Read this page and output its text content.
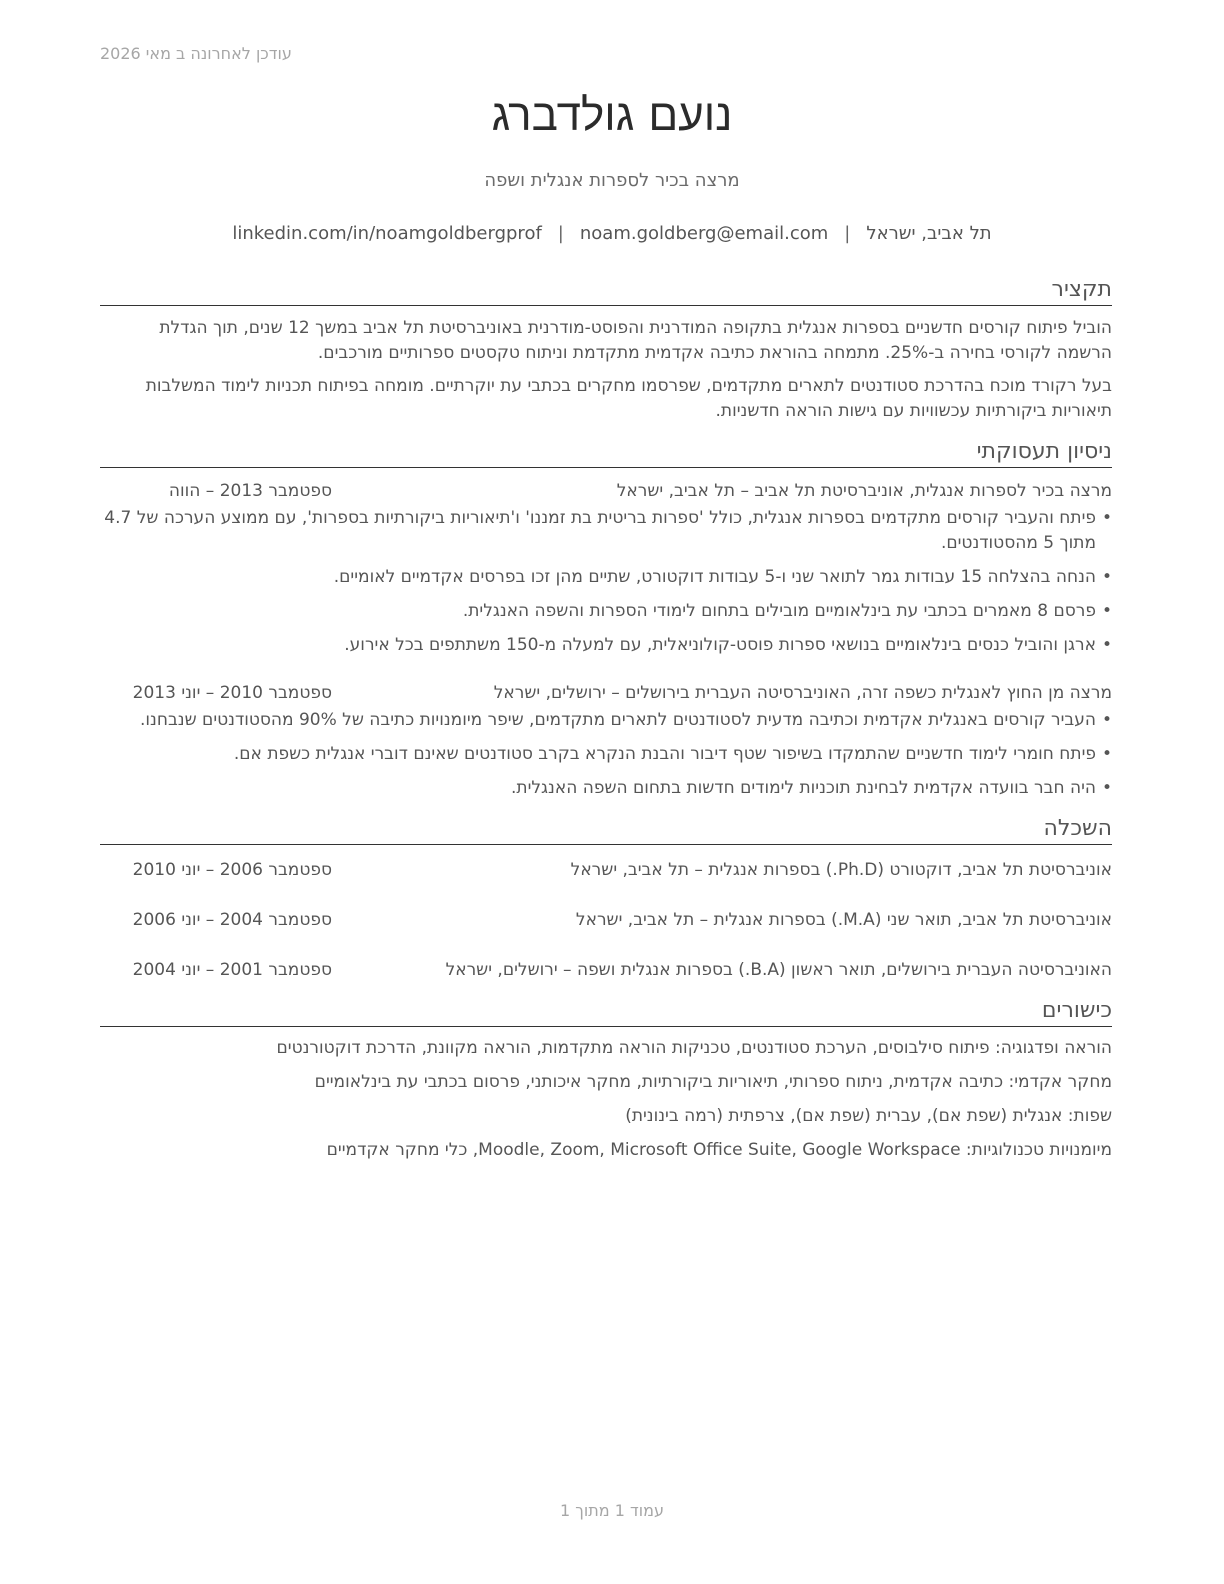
עודכן לאחרונה ב מאי 2026
נועם גולדברג
מרצה בכיר לספרות אנגלית ושפה
תל אביב, ישראל|noam.goldberg@email.com|linkedin.com/in/noamgoldbergprof
תקציר

הוביל פיתוח קורסים חדשניים בספרות אנגלית בתקופה המודרנית והפוסט-מודרנית באוניברסיטת תל אביב במשך 12 שנים, תוך הגדלת הרשמה לקורסי בחירה ב-25%. מתמחה בהוראת כתיבה אקדמית מתקדמת וניתוח טקסטים ספרותיים מורכבים.

בעל רקורד מוכח בהדרכת סטודנטים לתארים מתקדמים, שפרסמו מחקרים בכתבי עת יוקרתיים. מומחה בפיתוח תכניות לימוד המשלבות תיאוריות ביקורתיות עכשוויות עם גישות הוראה חדשניות.

ניסיון תעסוקתי
מרצה בכיר לספרות אנגלית, אוניברסיטת תל אביב – תל אביב, ישראל
ספטמבר 2013 – הווה
• פיתח והעביר קורסים מתקדמים בספרות אנגלית, כולל 'ספרות בריטית בת זמננו' ו'תיאוריות ביקורתיות בספרות', עם ממוצע הערכה של 4.7 מתוך 5 מהסטודנטים.
• הנחה בהצלחה 15 עבודות גמר לתואר שני ו-5 עבודות דוקטורט, שתיים מהן זכו בפרסים אקדמיים לאומיים.
• פרסם 8 מאמרים בכתבי עת בינלאומיים מובילים בתחום לימודי הספרות והשפה האנגלית.
• ארגן והוביל כנסים בינלאומיים בנושאי ספרות פוסט-קולוניאלית, עם למעלה מ-150 משתתפים בכל אירוע.
מרצה מן החוץ לאנגלית כשפה זרה, האוניברסיטה העברית בירושלים – ירושלים, ישראל
ספטמבר 2010 – יוני 2013
• העביר קורסים באנגלית אקדמית וכתיבה מדעית לסטודנטים לתארים מתקדמים, שיפר מיומנויות כתיבה של 90% מהסטודנטים שנבחנו.
• פיתח חומרי לימוד חדשניים שהתמקדו בשיפור שטף דיבור והבנת הנקרא בקרב סטודנטים שאינם דוברי אנגלית כשפת אם.
• היה חבר בוועדה אקדמית לבחינת תוכניות לימודים חדשות בתחום השפה האנגלית.
השכלה
אוניברסיטת תל אביב, דוקטורט (Ph.D.) בספרות אנגלית – תל אביב, ישראל
ספטמבר 2006 – יוני 2010
אוניברסיטת תל אביב, תואר שני (M.A.) בספרות אנגלית – תל אביב, ישראל
ספטמבר 2004 – יוני 2006
האוניברסיטה העברית בירושלים, תואר ראשון (B.A.) בספרות אנגלית ושפה – ירושלים, ישראל
ספטמבר 2001 – יוני 2004
כישורים
הוראה ופדגוגיה: פיתוח סילבוסים, הערכת סטודנטים, טכניקות הוראה מתקדמות, הוראה מקוונת, הדרכת דוקטורנטים
מחקר אקדמי: כתיבה אקדמית, ניתוח ספרותי, תיאוריות ביקורתיות, מחקר איכותני, פרסום בכתבי עת בינלאומיים
שפות: אנגלית (שפת אם), עברית (שפת אם), צרפתית (רמה בינונית)
מיומנויות טכנולוגיות: Moodle, Zoom, Microsoft Office Suite, Google Workspace, כלי מחקר אקדמיים
עמוד 1 מתוך 1
